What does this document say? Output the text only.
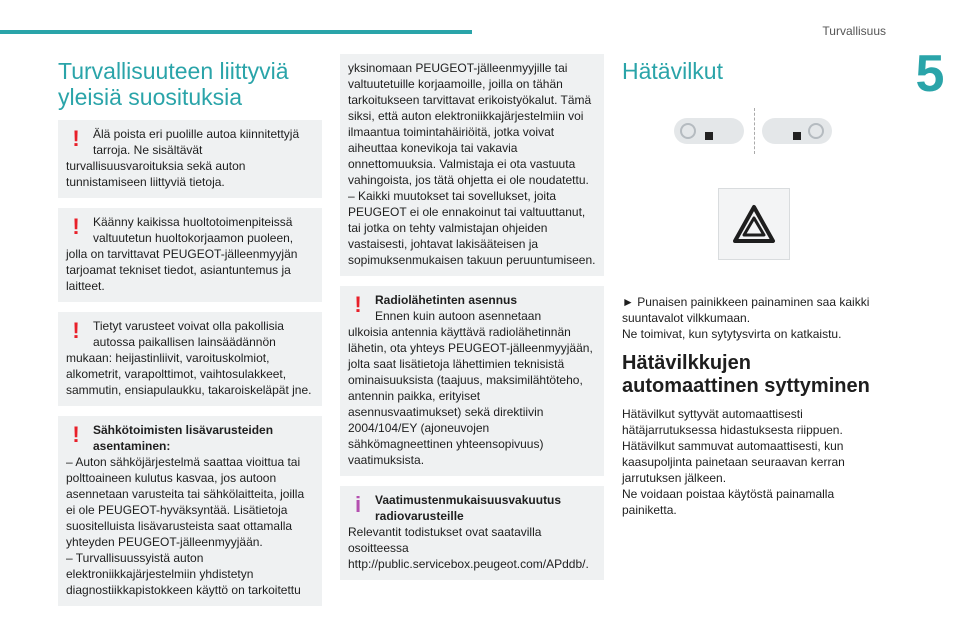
Turvallisuus
5
Turvallisuuteen liittyviä yleisiä suosituksia
!	Älä poista eri puolille autoa kiinnitettyjä tarroja. Ne sisältävät

turvallisuusvaroituksia sekä auton tunnistamiseen liittyviä tietoja.

!	Käänny kaikissa huoltotoimenpiteissä valtuutetun huoltokorjaamon puoleen,

jolla on tarvittavat PEUGEOT-jälleenmyyjän tarjoamat tekniset tiedot, asiantuntemus ja laitteet.

!	Tietyt varusteet voivat olla pakollisia autossa paikallisen lainsäädännön

mukaan: heijastinliivit, varoituskolmiot, alkometrit, varapolttimot, vaihtosulakkeet, sammutin, ensiapulaukku, takaroiskeläpät jne.

!	Sähkötoimisten lisävarusteiden asentaminen:

– Auton sähköjärjestelmä saattaa vioittua tai polttoaineen kulutus kasvaa, jos autoon asennetaan varusteita tai sähkölaitteita, joilla ei ole PEUGEOT-hyväksyntää. Lisätietoja suositelluista lisävarusteista saat ottamalla yhteyden PEUGEOT-jälleenmyyjään.

– Turvallisuussyistä auton elektroniikkajärjestelmiin yhdistetyn diagnostiikkapistokkeen käyttö on tarkoitettu

yksinomaan PEUGEOT-jälleenmyyjille tai valtuutetuille korjaamoille, joilla on tähän tarkoitukseen tarvittavat erikoistyökalut. Tämä siksi, että auton elektroniikkajärjestelmiin voi ilmaantua toimintahäiriöitä, jotka voivat aiheuttaa konevikoja tai vakavia onnettomuuksia. Valmistaja ei ota vastuuta vahingoista, jos tätä ohjetta ei ole noudatettu.

– Kaikki muutokset tai sovellukset, joita PEUGEOT ei ole ennakoinut tai valtuuttanut, tai jotka on tehty valmistajan ohjeiden vastaisesti, johtavat lakisääteisen ja sopimuksenmukaisen takuun peruuntumiseen.

!	Radiolähetinten asennus

Ennen kuin autoon asennetaan

ulkoisia antennia käyttävä radiolähetinnän lähetin, ota yhteys PEUGEOT-jälleenmyyjään, jolta saat lisätietoja lähettimien teknisistä ominaisuuksista (taajuus, maksimilähtöteho, antennin paikka, erityiset asennusvaatimukset) sekä direktiivin 2004/104/EY (ajoneuvojen sähkömagneettinen yhteensopivuus) vaatimuksista.

i	Vaatimustenmukaisuusvakuutus radiovarusteille

Relevantit todistukset ovat saatavilla osoitteessa http://public.servicebox.peugeot.com/APddb/.

Hätävilkut

► Punaisen painikkeen painaminen saa kaikki suuntavalot vilkkumaan.

Ne toimivat, kun sytytysvirta on katkaistu.

Hätävilkkujen automaattinen syttyminen

Hätävilkut syttyvät automaattisesti hätäjarrutuksessa hidastuksesta riippuen.

Hätävilkut sammuvat automaattisesti, kun kaasupoljinta painetaan seuraavan kerran jarrutuksen jälkeen.

Ne voidaan poistaa käytöstä painamalla painiketta.
